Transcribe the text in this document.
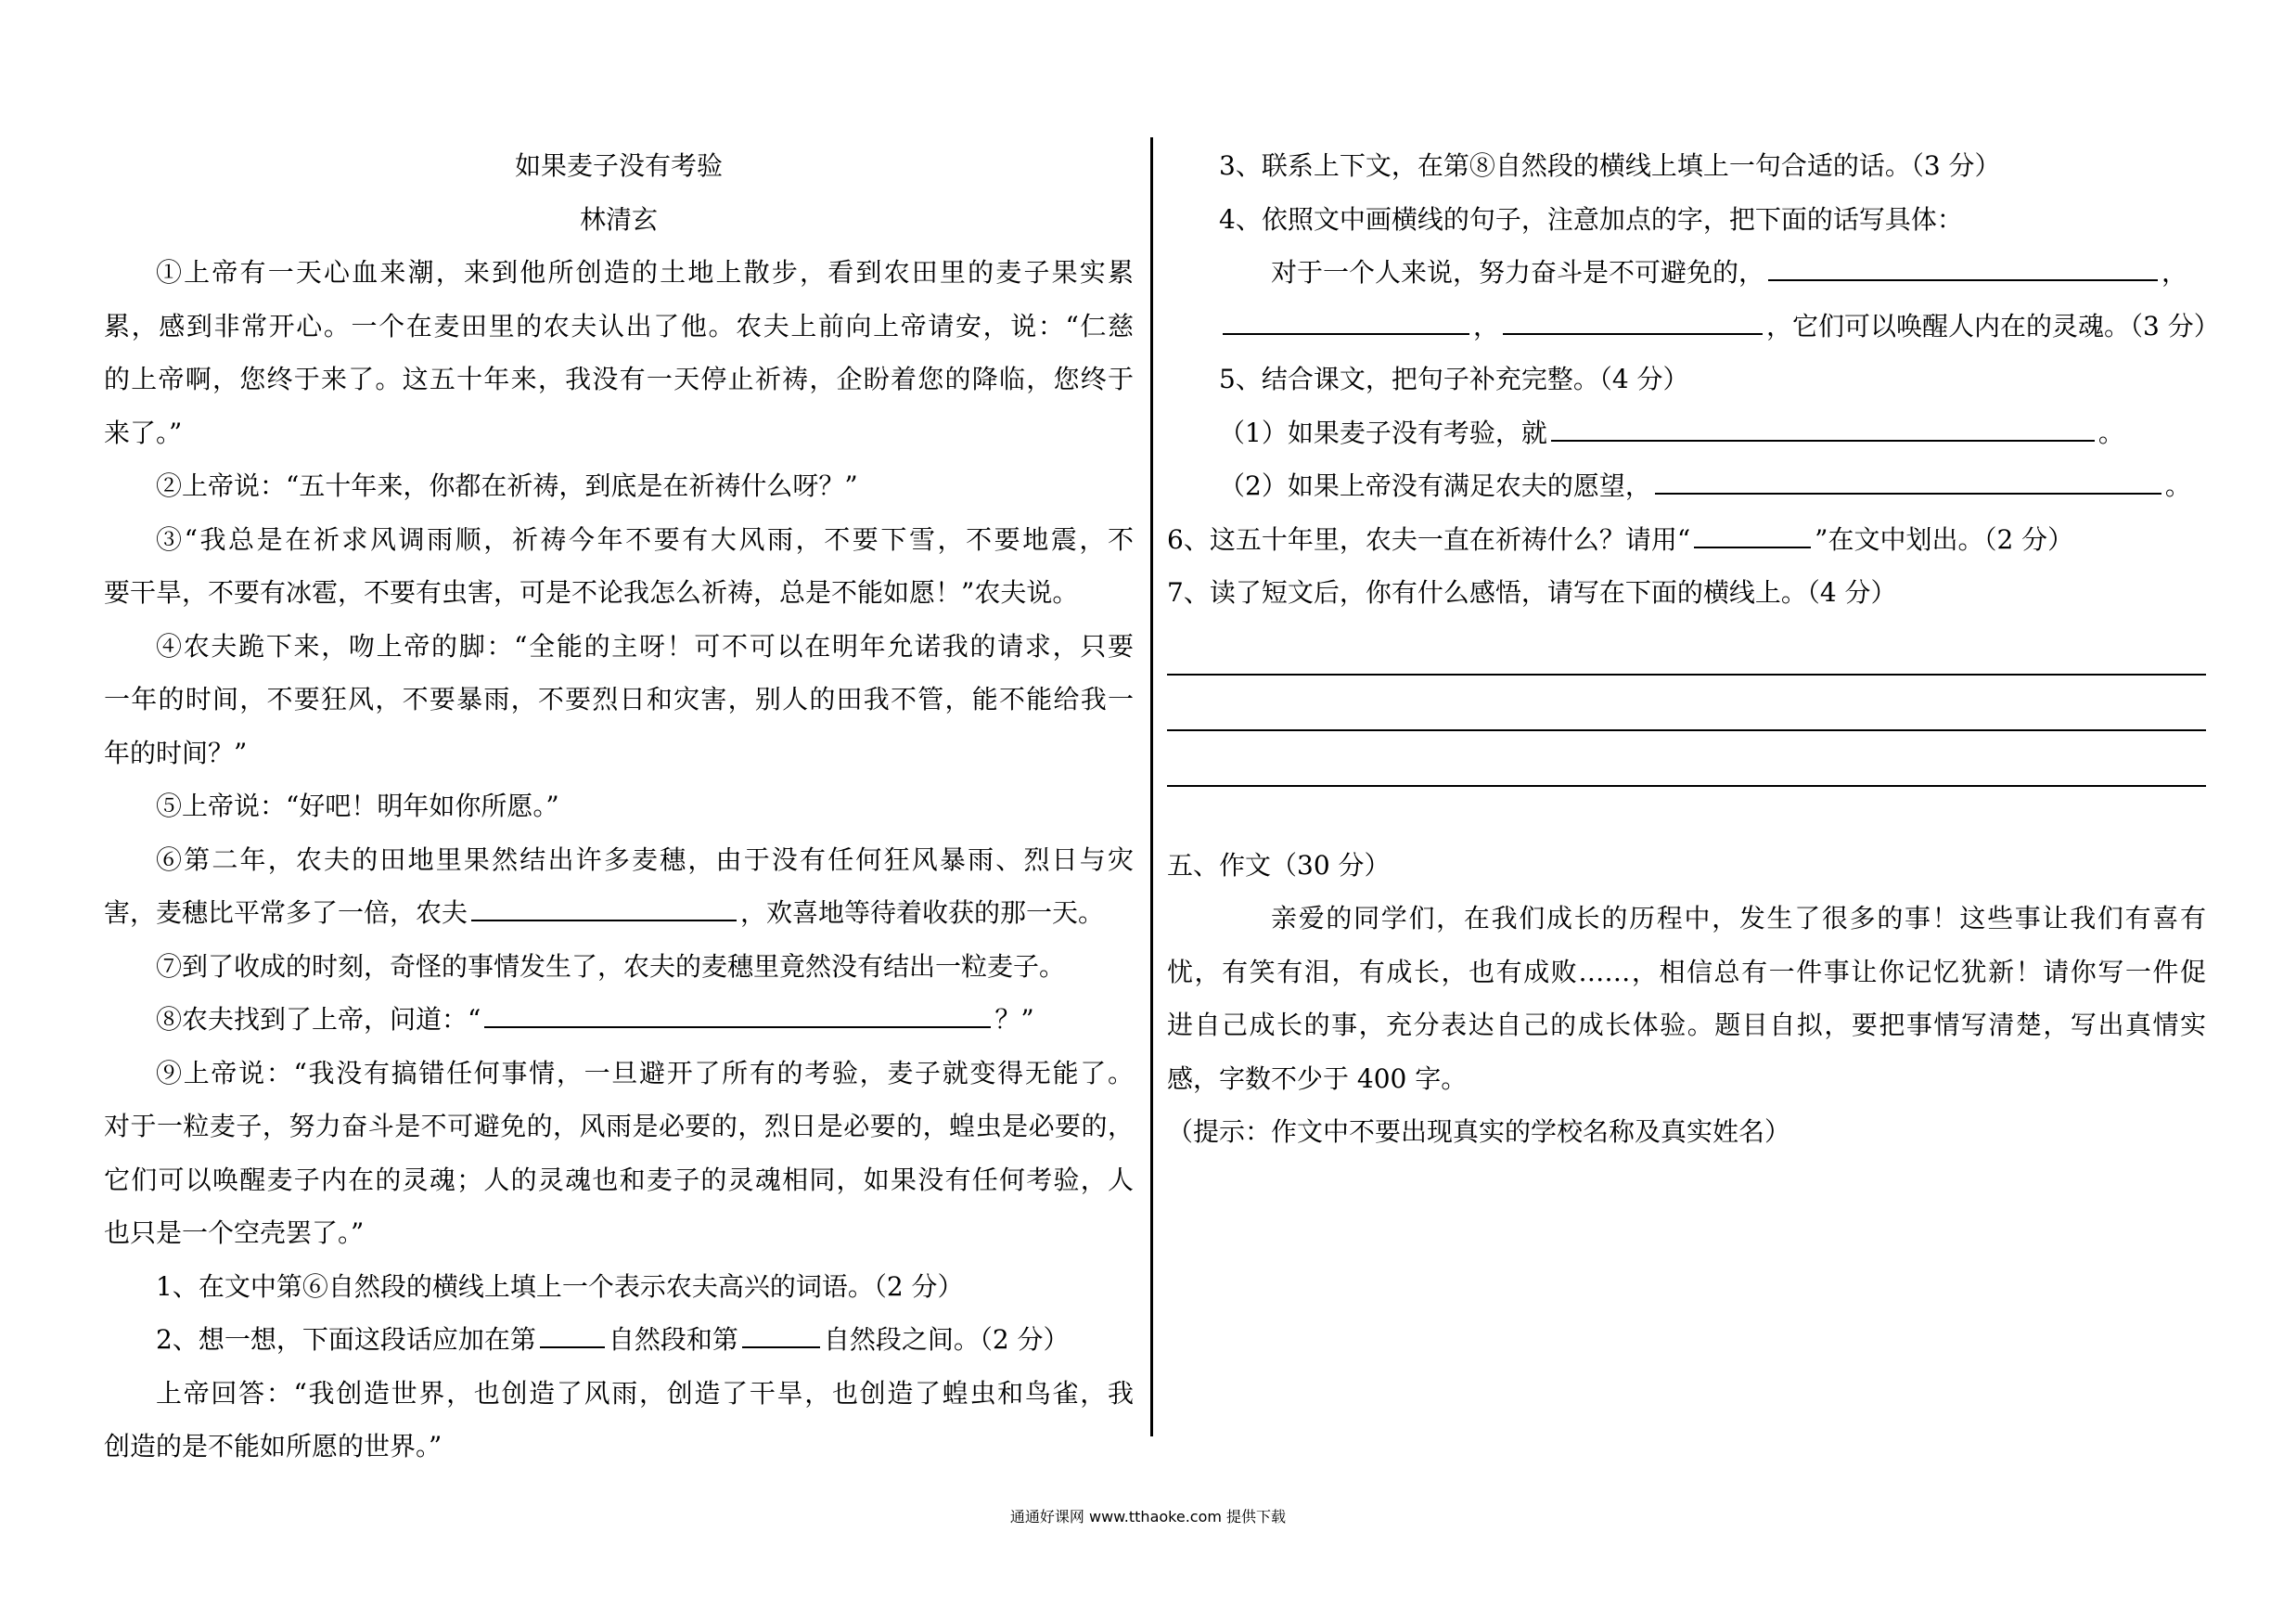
如果麦子没有考验
林清玄
①上帝有一天心血来潮，来到他所创造的土地上散步，看到农田里的麦子果实累
累，感到非常开心。一个在麦田里的农夫认出了他。农夫上前向上帝请安，说：“仁慈
的上帝啊，您终于来了。这五十年来，我没有一天停止祈祷，企盼着您的降临，您终于
来了。”
②上帝说：“五十年来，你都在祈祷，到底是在祈祷什么呀？”
③“我总是在祈求风调雨顺，祈祷今年不要有大风雨，不要下雪，不要地震，不
要干旱，不要有冰雹，不要有虫害，可是不论我怎么祈祷，总是不能如愿！”农夫说。
④农夫跪下来，吻上帝的脚：“全能的主呀！可不可以在明年允诺我的请求，只要
一年的时间，不要狂风，不要暴雨，不要烈日和灾害，别人的田我不管，能不能给我一
年的时间？”
⑤上帝说：“好吧！明年如你所愿。”
⑥第二年，农夫的田地里果然结出许多麦穗，由于没有任何狂风暴雨、烈日与灾
害，麦穗比平常多了一倍，农夫	，欢喜地等待着收获的那一天。
⑦到了收成的时刻，奇怪的事情发生了，农夫的麦穗里竟然没有结出一粒麦子。
⑧农夫找到了上帝，问道：“	？”
⑨上帝说：“我没有搞错任何事情，一旦避开了所有的考验，麦子就变得无能了。
对于一粒麦子，努力奋斗是不可避免的，风雨是必要的，烈日是必要的，蝗虫是必要的，
它们可以唤醒麦子内在的灵魂；人的灵魂也和麦子的灵魂相同，如果没有任何考验，人
也只是一个空壳罢了。”
1、在文中第⑥自然段的横线上填上一个表示农夫高兴的词语。（2 分）
2、想一想，下面这段话应加在第	自然段和第	自然段之间。（2 分）
上帝回答：“我创造世界，也创造了风雨，创造了干旱，也创造了蝗虫和鸟雀，我
创造的是不能如所愿的世界。”
3、联系上下文，在第⑧自然段的横线上填上一句合适的话。（3 分）
4、依照文中画横线的句子，注意加点的字，把下面的话写具体：
对于一个人来说，努力奋斗是不可避免的，	，
，	，它们可以唤醒人内在的灵魂。（3 分）
5、结合课文，把句子补充完整。（4 分）
（1）如果麦子没有考验，就	。
（2）如果上帝没有满足农夫的愿望，	。
6、这五十年里，农夫一直在祈祷什么？请用“	”在文中划出。（2 分）
7、读了短文后，你有什么感悟，请写在下面的横线上。（4 分）
五、作文（30 分）
亲爱的同学们，在我们成长的历程中，发生了很多的事！这些事让我们有喜有
忧，有笑有泪，有成长，也有成败……，相信总有一件事让你记忆犹新！请你写一件促
进自己成长的事，充分表达自己的成长体验。题目自拟，要把事情写清楚，写出真情实
感，字数不少于 400 字。
（提示：作文中不要出现真实的学校名称及真实姓名）
通通好课网 www.tthaoke.com 提供下载
